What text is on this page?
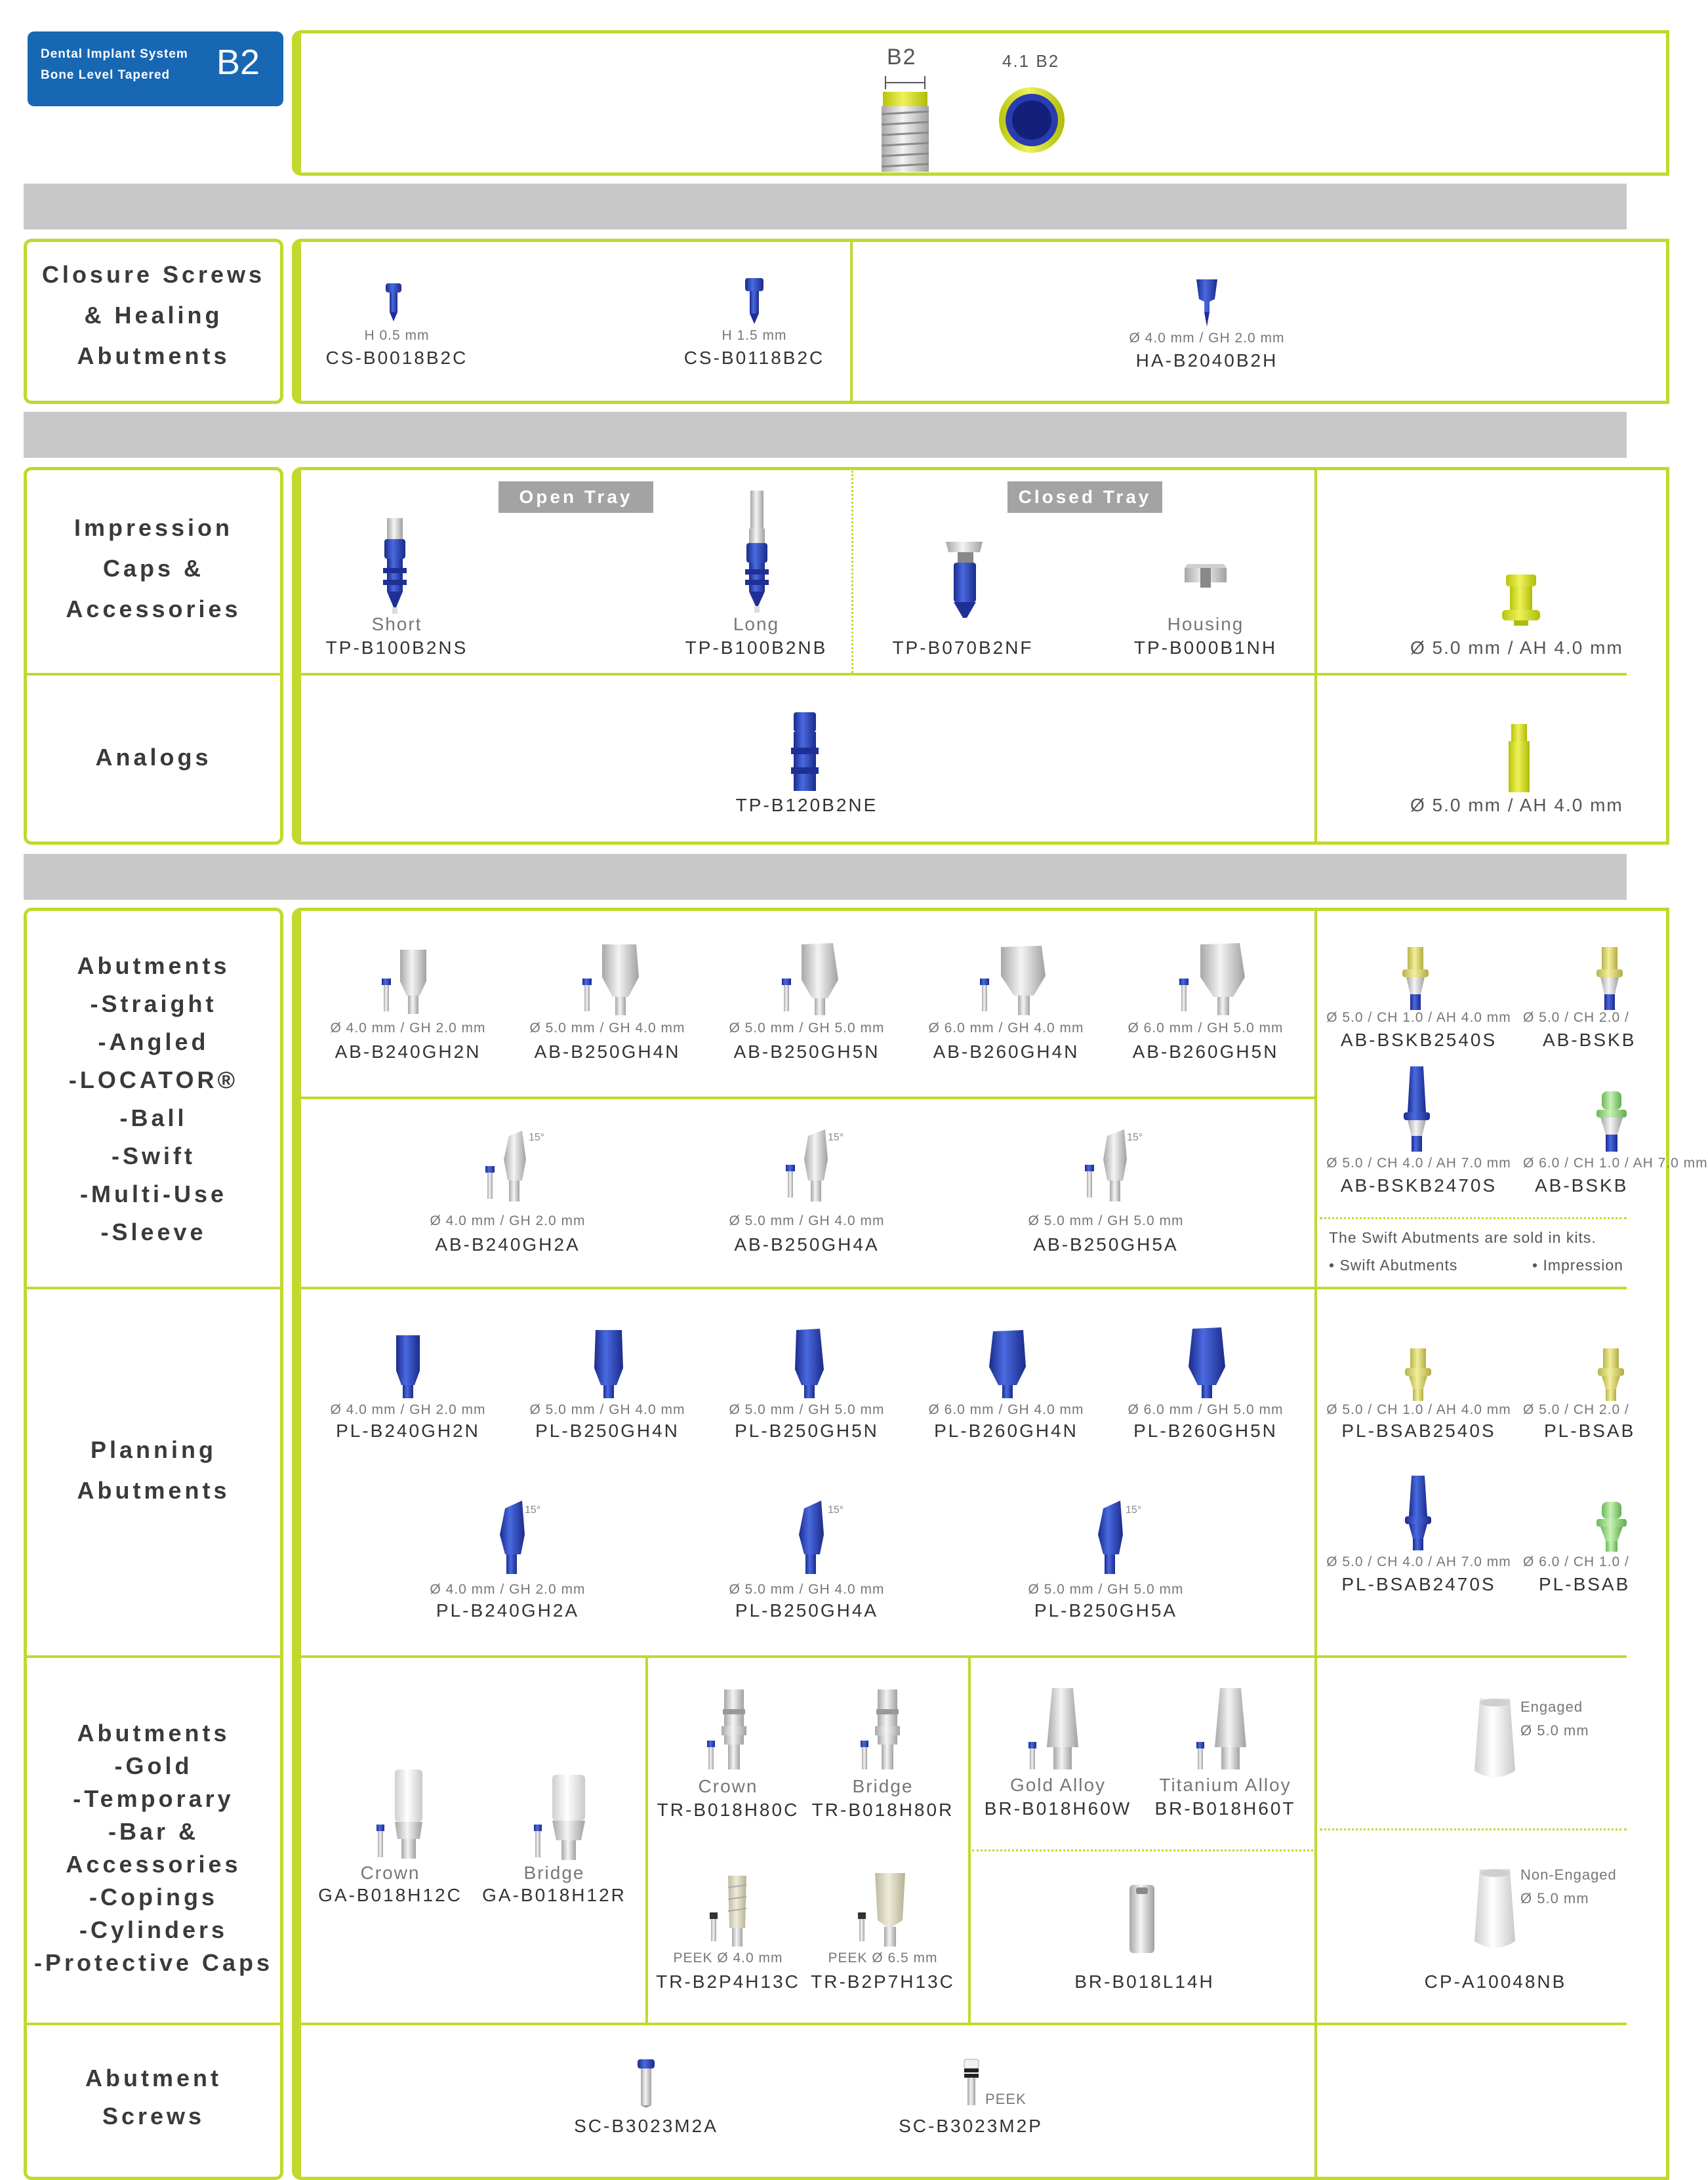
Dental Implant System
Bone Level Tapered B2	B2	4.1 B2
Closure Screws
& Healing
Abutments
Impression
Caps &
Accessories
Analogs
Abutments
-Straight
-Angled
-LOCATOR®
-Ball
-Swift
-Multi-Use
-Sleeve
Planning
Abutments
Abutments
-Gold
-Temporary
-Bar & Accessories
-Copings
-Cylinders
-Protective Caps
Abutment
Screws
H 0.5 mm
CS-B0018B2C
H 1.5 mm
CS-B0118B2C
Ø 4.0 mm / GH 2.0 mm
HA-B2040B2H
Open Tray	Closed Tray
Short
TP-B100B2NS
Long
TP-B100B2NB	TP-B070B2NF
Housing
TP-B000B1NH	Ø 5.0 mm / AH 4.0 mm
TP-B120B2NE	Ø 5.0 mm / AH 4.0 mm
Ø 4.0 mm / GH 2.0 mm
AB-B240GH2N
Ø 5.0 mm / GH 4.0 mm
AB-B250GH4N
Ø 5.0 mm / GH 5.0 mm
AB-B250GH5N
Ø 6.0 mm / GH 4.0 mm
AB-B260GH4N
Ø 6.0 mm / GH 5.0 mm
AB-B260GH5N
15°
Ø 4.0 mm / GH 2.0 mm
AB-B240GH2A
15°
Ø 5.0 mm / GH 4.0 mm
AB-B250GH4A
15°
Ø 5.0 mm / GH 5.0 mm
AB-B250GH5A
Ø 5.0 / CH 1.0 / AH 4.0 mm
AB-BSKB2540S
Ø 5.0 / CH 2.0 /
AB-BSKB
Ø 5.0 / CH 4.0 / AH 7.0 mm
AB-BSKB2470S
Ø 6.0 / CH 1.0 / AH 7.0 mm
AB-BSKB
The Swift Abutments are sold in kits.
• Swift Abutments	• Impression
Ø 4.0 mm / GH 2.0 mm
PL-B240GH2N
Ø 5.0 mm / GH 4.0 mm
PL-B250GH4N
Ø 5.0 mm / GH 5.0 mm
PL-B250GH5N
Ø 6.0 mm / GH 4.0 mm
PL-B260GH4N
Ø 6.0 mm / GH 5.0 mm
PL-B260GH5N
15°
Ø 4.0 mm / GH 2.0 mm
PL-B240GH2A
15°
Ø 5.0 mm / GH 4.0 mm
PL-B250GH4A
15°
Ø 5.0 mm / GH 5.0 mm
PL-B250GH5A
Ø 5.0 / CH 1.0 / AH 4.0 mm
PL-BSAB2540S
Ø 5.0 / CH 2.0 /
PL-BSAB
Ø 5.0 / CH 4.0 / AH 7.0 mm
PL-BSAB2470S
Ø 6.0 / CH 1.0 /
PL-BSAB
Crown
GA-B018H12C
Bridge
GA-B018H12R
Crown
TR-B018H80C
Bridge
TR-B018H80R
PEEK Ø 4.0 mm
TR-B2P4H13C
PEEK Ø 6.5 mm
TR-B2P7H13C
Gold Alloy
BR-B018H60W
Titanium Alloy
BR-B018H60T
BR-B018L14H
Engaged
Ø 5.0 mm
Non-Engaged
Ø 5.0 mm
CP-A10048NB
SC-B3023M2A
PEEK
SC-B3023M2P
